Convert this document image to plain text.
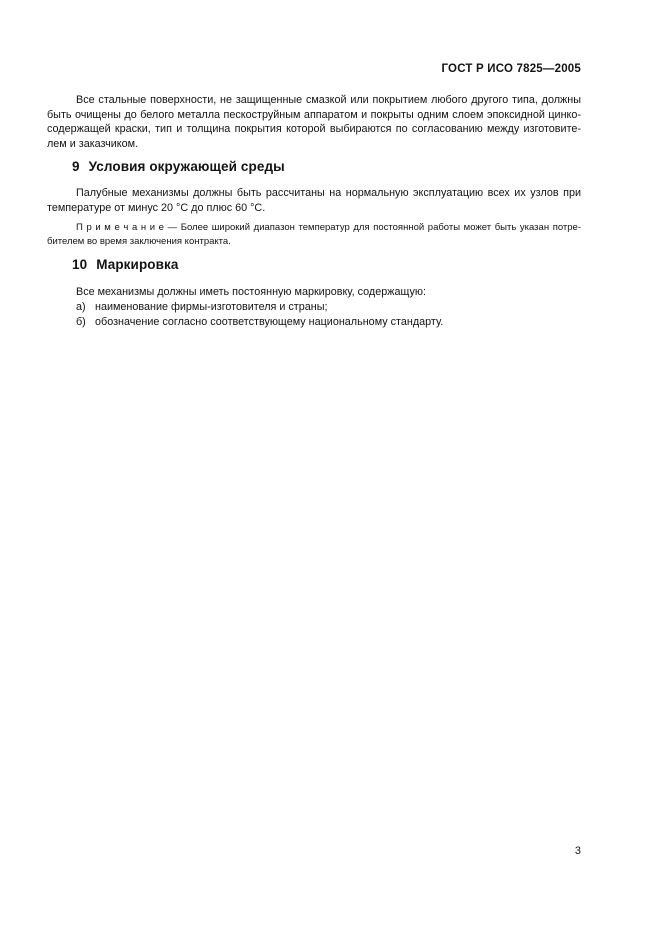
ГОСТ Р ИСО 7825—2005
Все стальные поверхности, не защищенные смазкой или покрытием любого другого типа, должны
быть очищены до белого металла пескоструйным аппаратом и покрыты одним слоем эпоксидной цинко-
содержащей краски, тип и толщина покрытия которой выбираются по согласованию между изготовите-
лем и заказчиком.
9 Условия окружающей среды
Палубные механизмы должны быть рассчитаны на нормальную эксплуатацию всех их узлов при
температуре от минус 20 °С до плюс 60 °С.
П р и м е ч а н и е — Более широкий диапазон температур для постоянной работы может быть указан потре-
бителем во время заключения контракта.
10 Маркировка
Все механизмы должны иметь постоянную маркировку, содержащую:
а) наименование фирмы-изготовителя и страны;
б) обозначение согласно соответствующему национальному стандарту.
3
